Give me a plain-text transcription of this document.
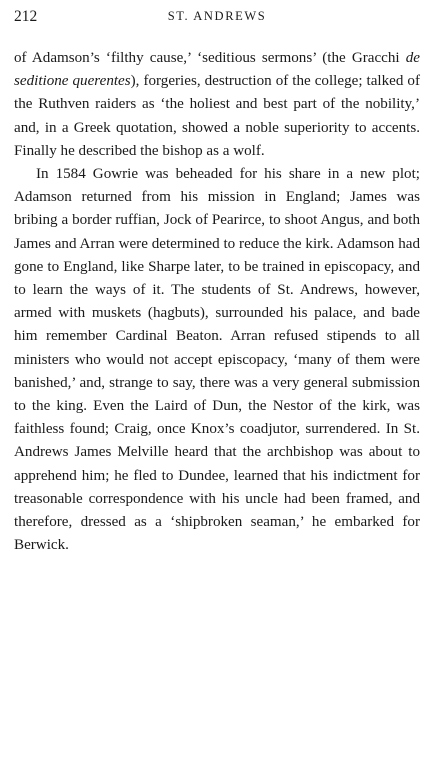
212	ST. ANDREWS

of Adamson’s ‘filthy cause,’ ‘seditious sermons’ (the Gracchi de seditione querentes), forgeries, destruction of the college; talked of the Ruthven raiders as ‘the holiest and best part of the nobility,’ and, in a Greek quotation, showed a noble superiority to accents. Finally he described the bishop as a wolf.

In 1584 Gowrie was beheaded for his share in a new plot; Adamson returned from his mission in England; James was bribing a border ruffian, Jock of Pearirce, to shoot Angus, and both James and Arran were determined to reduce the kirk. Adamson had gone to England, like Sharpe later, to be trained in episcopacy, and to learn the ways of it. The students of St. Andrews, however, armed with muskets (hagbuts), surrounded his palace, and bade him remember Cardinal Beaton. Arran refused stipends to all ministers who would not accept episcopacy, ‘many of them were banished,’ and, strange to say, there was a very general submission to the king. Even the Laird of Dun, the Nestor of the kirk, was faithless found; Craig, once Knox’s coadjutor, surrendered. In St. Andrews James Melville heard that the archbishop was about to apprehend him; he fled to Dundee, learned that his indictment for treasonable correspondence with his uncle had been framed, and therefore, dressed as a ‘shipbroken seaman,’ he embarked for Berwick.
